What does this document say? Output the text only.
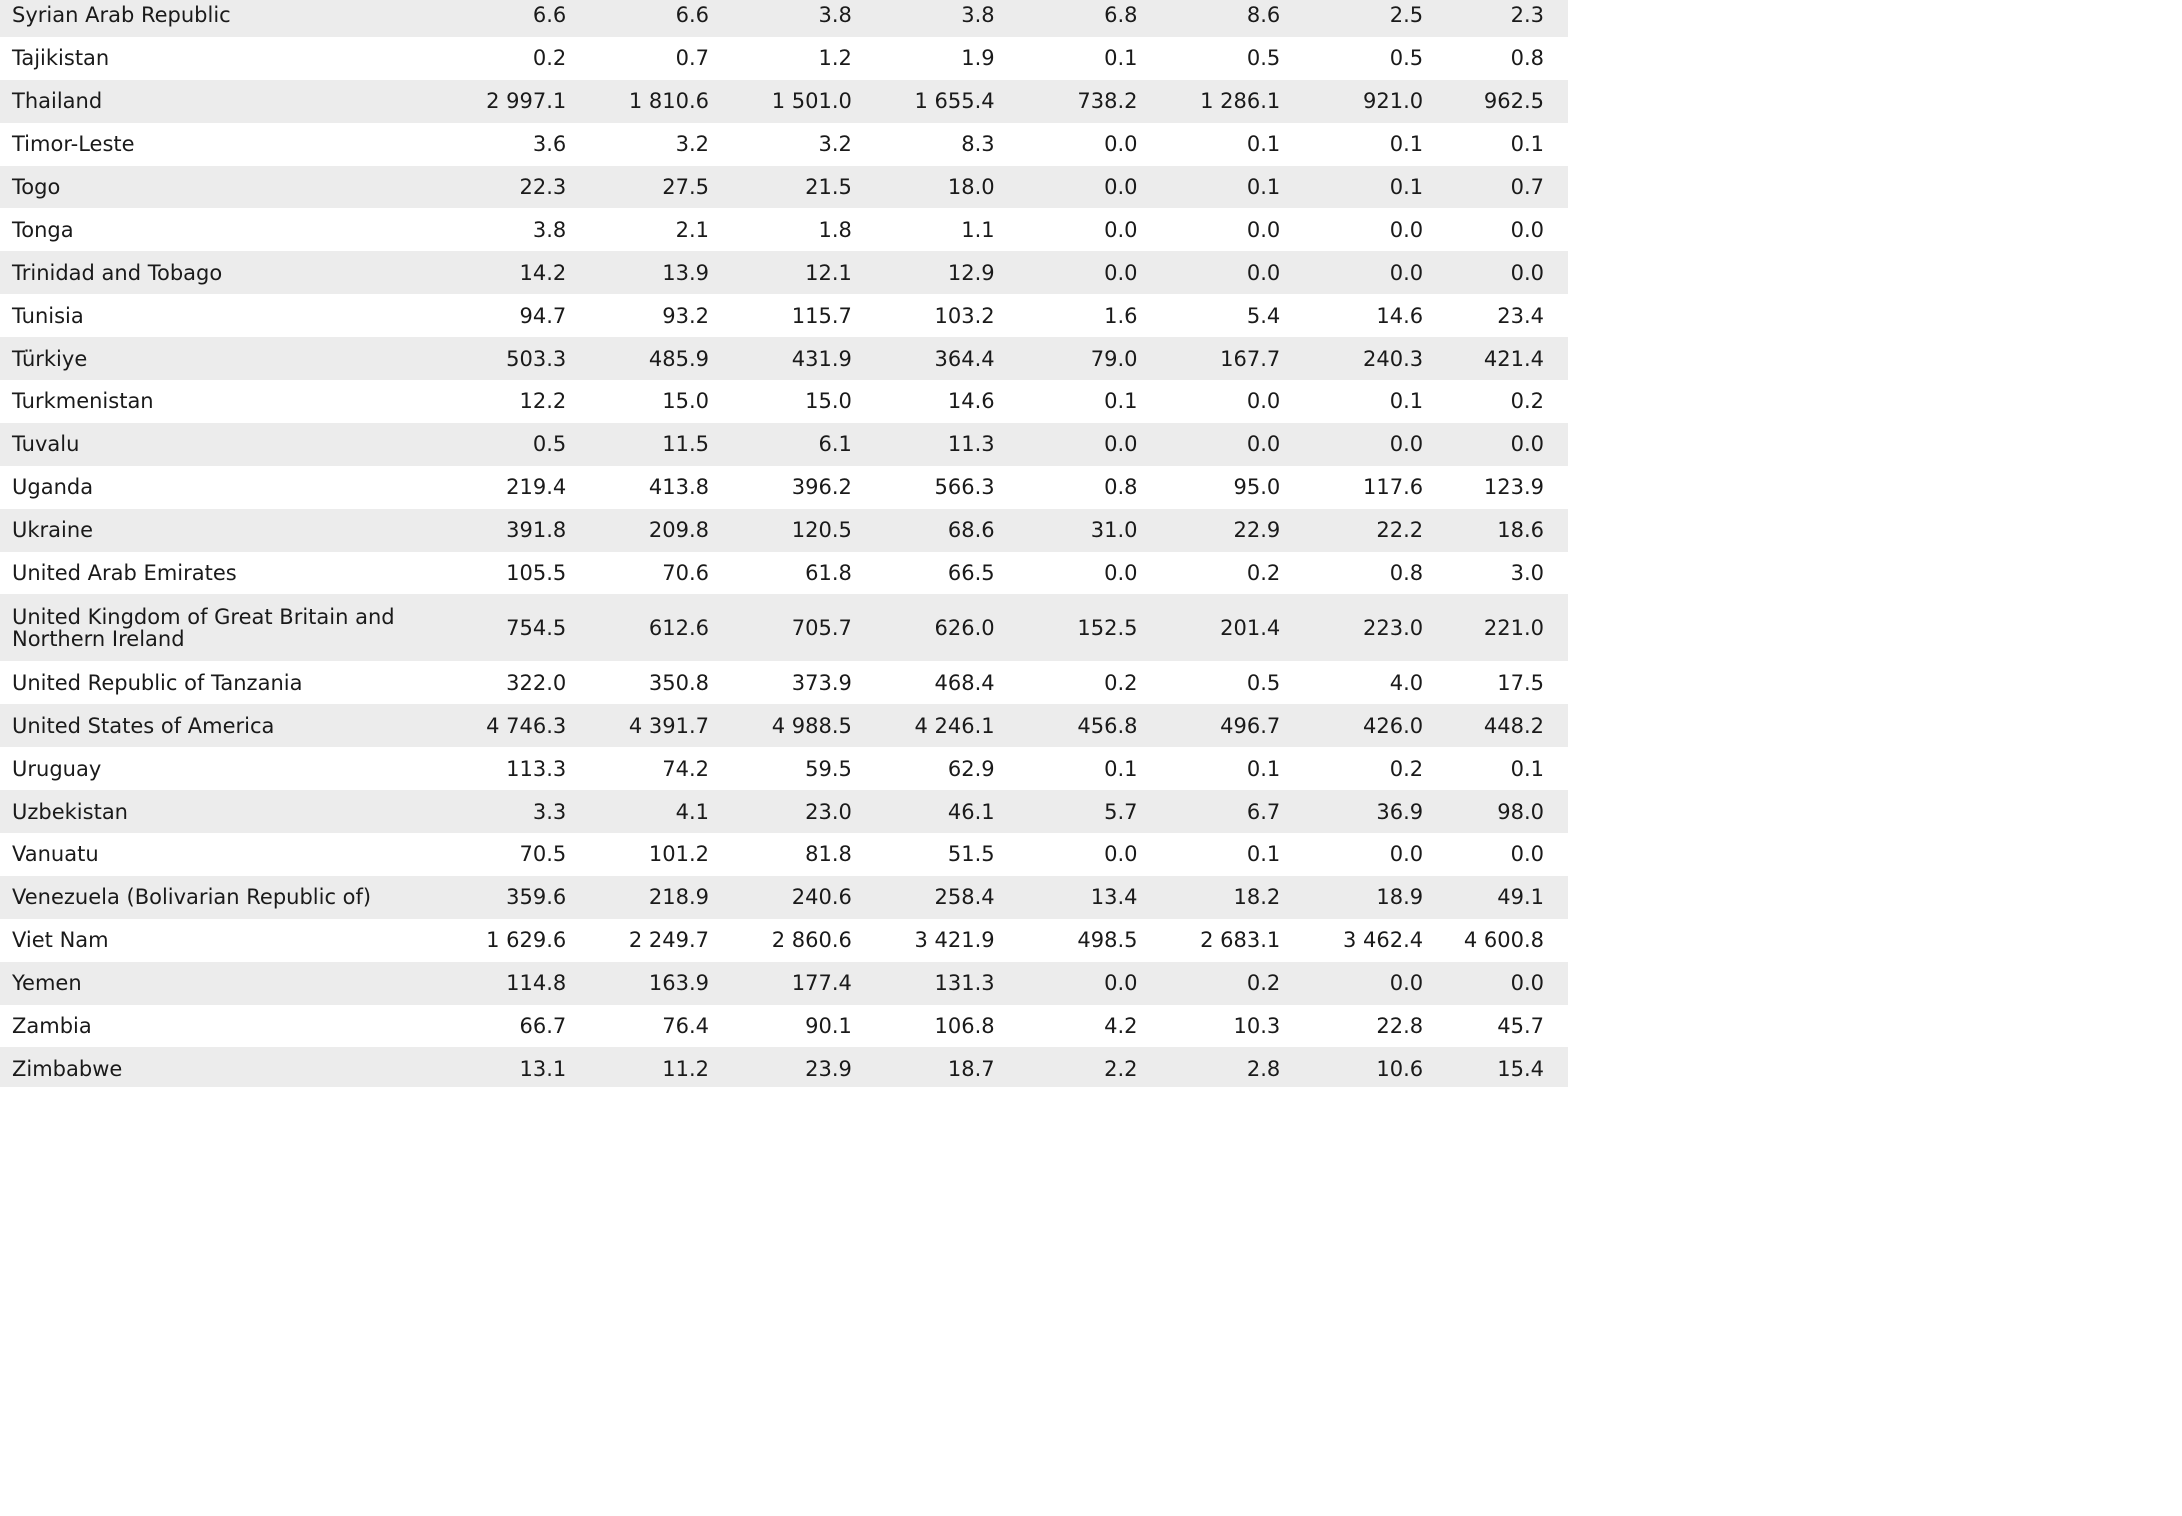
Syrian Arab Republic	6.6	6.6	3.8	3.8	6.8	8.6	2.5	2.3
Tajikistan	0.2	0.7	1.2	1.9	0.1	0.5	0.5	0.8
Thailand	2 997.1	1 810.6	1 501.0	1 655.4	738.2	1 286.1	921.0	962.5
Timor-Leste	3.6	3.2	3.2	8.3	0.0	0.1	0.1	0.1
Togo	22.3	27.5	21.5	18.0	0.0	0.1	0.1	0.7
Tonga	3.8	2.1	1.8	1.1	0.0	0.0	0.0	0.0
Trinidad and Tobago	14.2	13.9	12.1	12.9	0.0	0.0	0.0	0.0
Tunisia	94.7	93.2	115.7	103.2	1.6	5.4	14.6	23.4
Türkiye	503.3	485.9	431.9	364.4	79.0	167.7	240.3	421.4
Turkmenistan	12.2	15.0	15.0	14.6	0.1	0.0	0.1	0.2
Tuvalu	0.5	11.5	6.1	11.3	0.0	0.0	0.0	0.0
Uganda	219.4	413.8	396.2	566.3	0.8	95.0	117.6	123.9
Ukraine	391.8	209.8	120.5	68.6	31.0	22.9	22.2	18.6
United Arab Emirates	105.5	70.6	61.8	66.5	0.0	0.2	0.8	3.0
United Kingdom of Great Britain and Northern Ireland	754.5	612.6	705.7	626.0	152.5	201.4	223.0	221.0
United Republic of Tanzania	322.0	350.8	373.9	468.4	0.2	0.5	4.0	17.5
United States of America	4 746.3	4 391.7	4 988.5	4 246.1	456.8	496.7	426.0	448.2
Uruguay	113.3	74.2	59.5	62.9	0.1	0.1	0.2	0.1
Uzbekistan	3.3	4.1	23.0	46.1	5.7	6.7	36.9	98.0
Vanuatu	70.5	101.2	81.8	51.5	0.0	0.1	0.0	0.0
Venezuela (Bolivarian Republic of)	359.6	218.9	240.6	258.4	13.4	18.2	18.9	49.1
Viet Nam	1 629.6	2 249.7	2 860.6	3 421.9	498.5	2 683.1	3 462.4	4 600.8
Yemen	114.8	163.9	177.4	131.3	0.0	0.2	0.0	0.0
Zambia	66.7	76.4	90.1	106.8	4.2	10.3	22.8	45.7
Zimbabwe	13.1	11.2	23.9	18.7	2.2	2.8	10.6	15.4
